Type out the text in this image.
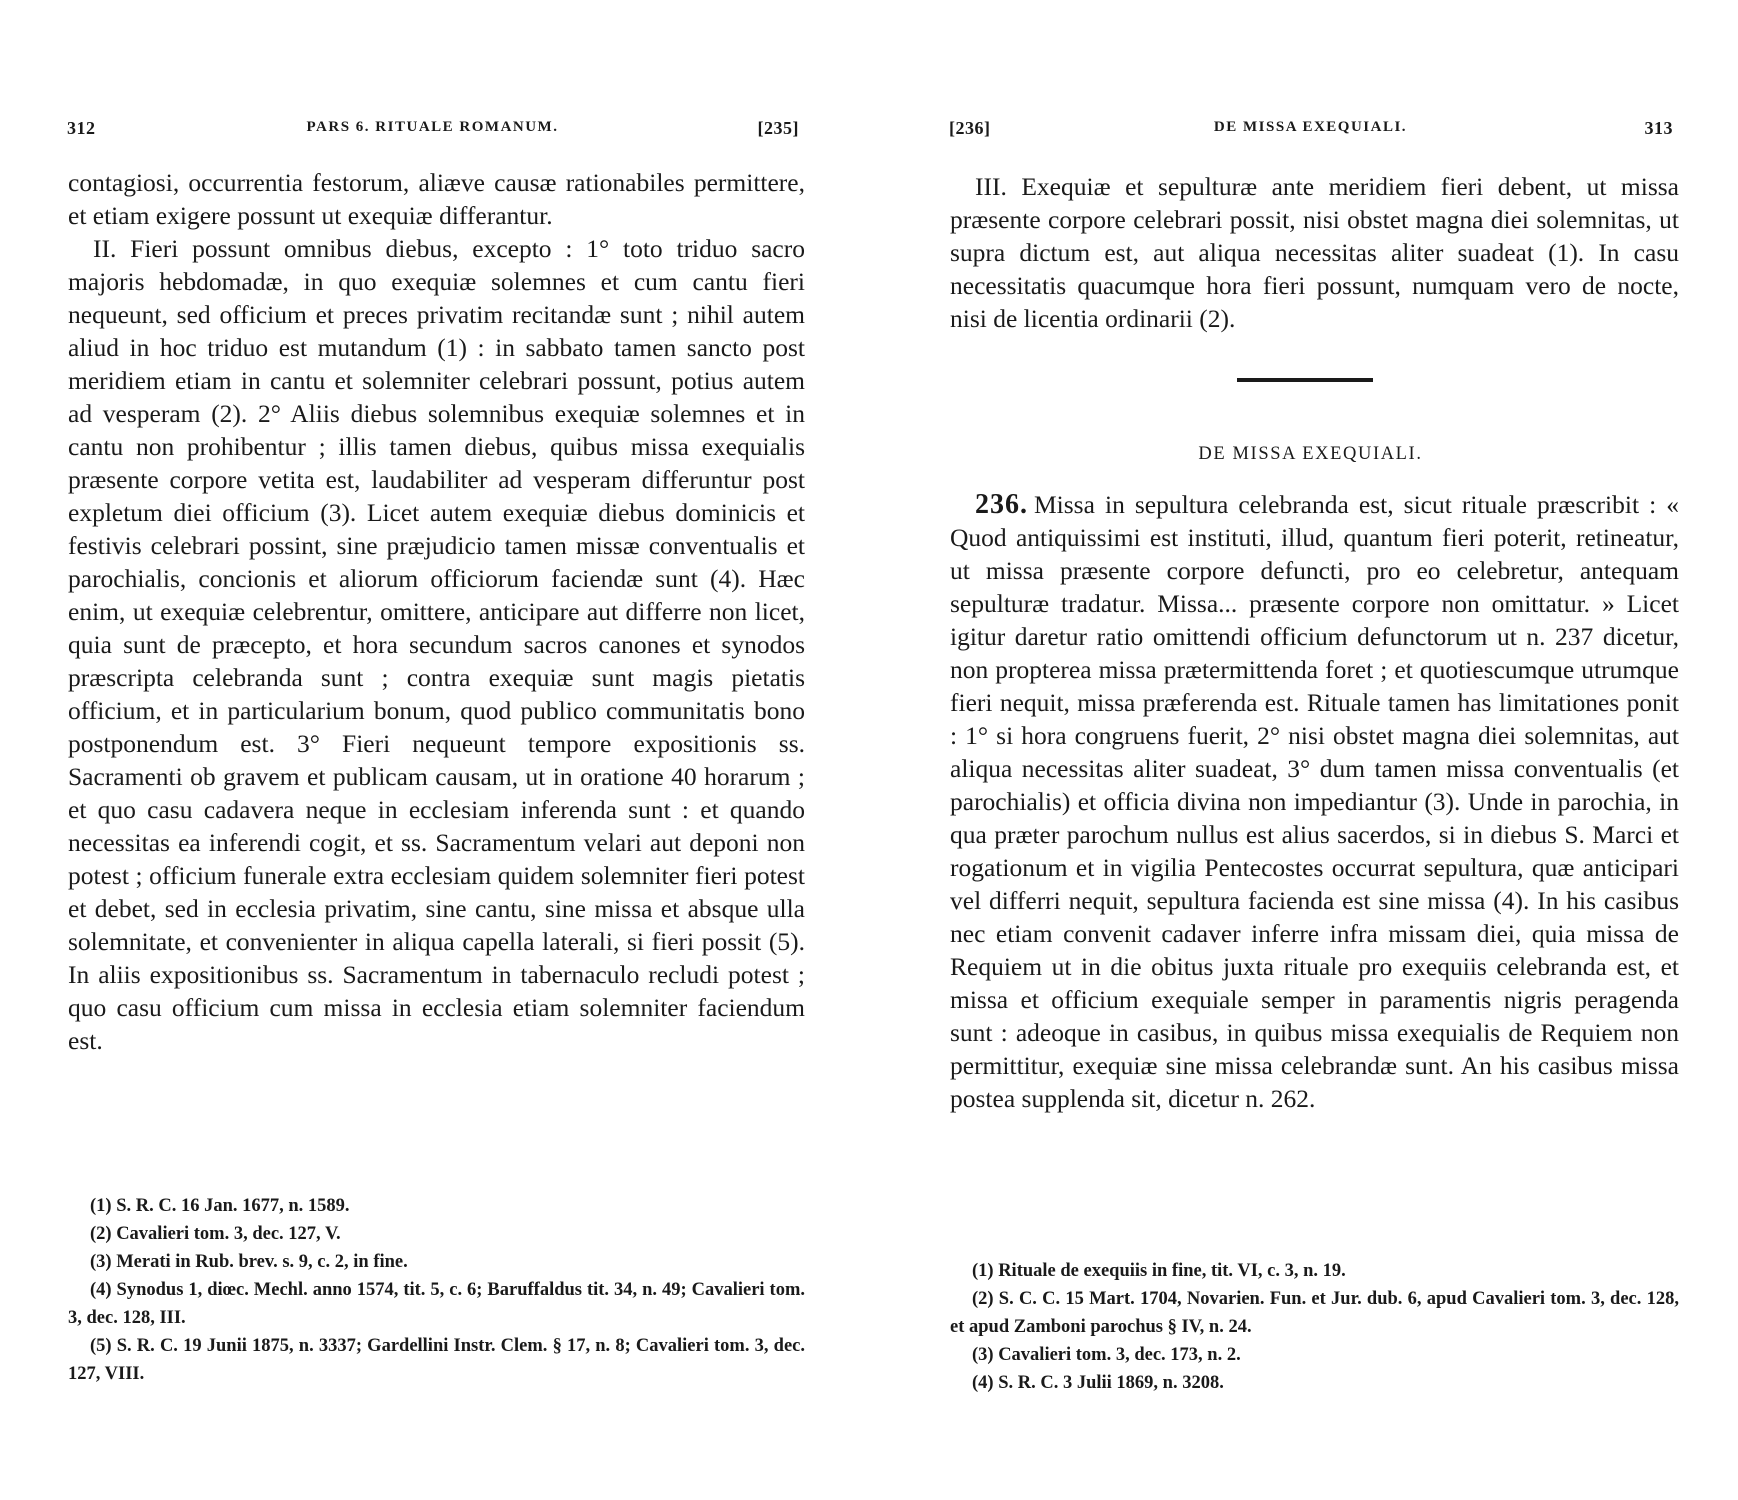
312	PARS 6. RITUALE ROMANUM.	[235]

contagiosi, occurrentia festorum, aliæve causæ rationabiles permittere, et etiam exigere possunt ut exequiæ differantur.

II. Fieri possunt omnibus diebus, excepto : 1° toto triduo sacro majoris hebdomadæ, in quo exequiæ solemnes et cum cantu fieri nequeunt, sed officium et preces privatim recitandæ sunt ; nihil autem aliud in hoc triduo est mutandum (1) : in sabbato tamen sancto post meridiem etiam in cantu et solemniter celebrari possunt, potius autem ad vesperam (2). 2° Aliis diebus solemnibus exequiæ solemnes et in cantu non prohibentur ; illis tamen diebus, quibus missa exequialis præsente corpore vetita est, laudabiliter ad vesperam differuntur post expletum diei officium (3). Licet autem exequiæ diebus dominicis et festivis celebrari possint, sine præjudicio tamen missæ conventualis et parochialis, concionis et aliorum officiorum faciendæ sunt (4). Hæc enim, ut exequiæ celebrentur, omittere, anticipare aut differre non licet, quia sunt de præcepto, et hora secundum sacros canones et synodos præscripta celebranda sunt ; contra exequiæ sunt magis pietatis officium, et in particularium bonum, quod publico communitatis bono postponendum est. 3° Fieri nequeunt tempore expositionis ss. Sacramenti ob gravem et publicam causam, ut in oratione 40 horarum ; et quo casu cadavera neque in ecclesiam inferenda sunt : et quando necessitas ea inferendi cogit, et ss. Sacramentum velari aut deponi non potest ; officium funerale extra ecclesiam quidem solemniter fieri potest et debet, sed in ecclesia privatim, sine cantu, sine missa et absque ulla solemnitate, et convenienter in aliqua capella laterali, si fieri possit (5). In aliis expositionibus ss. Sacramentum in tabernaculo recludi potest ; quo casu officium cum missa in ecclesia etiam solemniter faciendum est.

(1) S. R. C. 16 Jan. 1677, n. 1589.

(2) Cavalieri tom. 3, dec. 127, V.

(3) Merati in Rub. brev. s. 9, c. 2, in fine.

(4) Synodus 1, diœc. Mechl. anno 1574, tit. 5, c. 6; Baruffaldus tit. 34, n. 49; Cavalieri tom. 3, dec. 128, III.

(5) S. R. C. 19 Junii 1875, n. 3337; Gardellini Instr. Clem. § 17, n. 8; Cavalieri tom. 3, dec. 127, VIII.

[236]	DE MISSA EXEQUIALI.	313

III. Exequiæ et sepulturæ ante meridiem fieri debent, ut missa præsente corpore celebrari possit, nisi obstet magna diei solemnitas, ut supra dictum est, aut aliqua necessitas aliter suadeat (1). In casu necessitatis quacumque hora fieri possunt, numquam vero de nocte, nisi de licentia ordinarii (2).

DE MISSA EXEQUIALI.

236. Missa in sepultura celebranda est, sicut rituale præscribit : « Quod antiquissimi est instituti, illud, quantum fieri poterit, retineatur, ut missa præsente corpore defuncti, pro eo celebretur, antequam sepulturæ tradatur. Missa... præsente corpore non omittatur. » Licet igitur daretur ratio omittendi officium defunctorum ut n. 237 dicetur, non propterea missa prætermittenda foret ; et quotiescumque utrumque fieri nequit, missa præferenda est. Rituale tamen has limitationes ponit : 1° si hora congruens fuerit, 2° nisi obstet magna diei solemnitas, aut aliqua necessitas aliter suadeat, 3° dum tamen missa conventualis (et parochialis) et officia divina non impediantur (3). Unde in parochia, in qua præter parochum nullus est alius sacerdos, si in diebus S. Marci et rogationum et in vigilia Pentecostes occurrat sepultura, quæ anticipari vel differri nequit, sepultura facienda est sine missa (4). In his casibus nec etiam convenit cadaver inferre infra missam diei, quia missa de Requiem ut in die obitus juxta rituale pro exequiis celebranda est, et missa et officium exequiale semper in paramentis nigris peragenda sunt : adeoque in casibus, in quibus missa exequialis de Requiem non permittitur, exequiæ sine missa celebrandæ sunt. An his casibus missa postea supplenda sit, dicetur n. 262.

(1) Rituale de exequiis in fine, tit. VI, c. 3, n. 19.

(2) S. C. C. 15 Mart. 1704, Novarien. Fun. et Jur. dub. 6, apud Cavalieri tom. 3, dec. 128, et apud Zamboni parochus § IV, n. 24.

(3) Cavalieri tom. 3, dec. 173, n. 2.

(4) S. R. C. 3 Julii 1869, n. 3208.
